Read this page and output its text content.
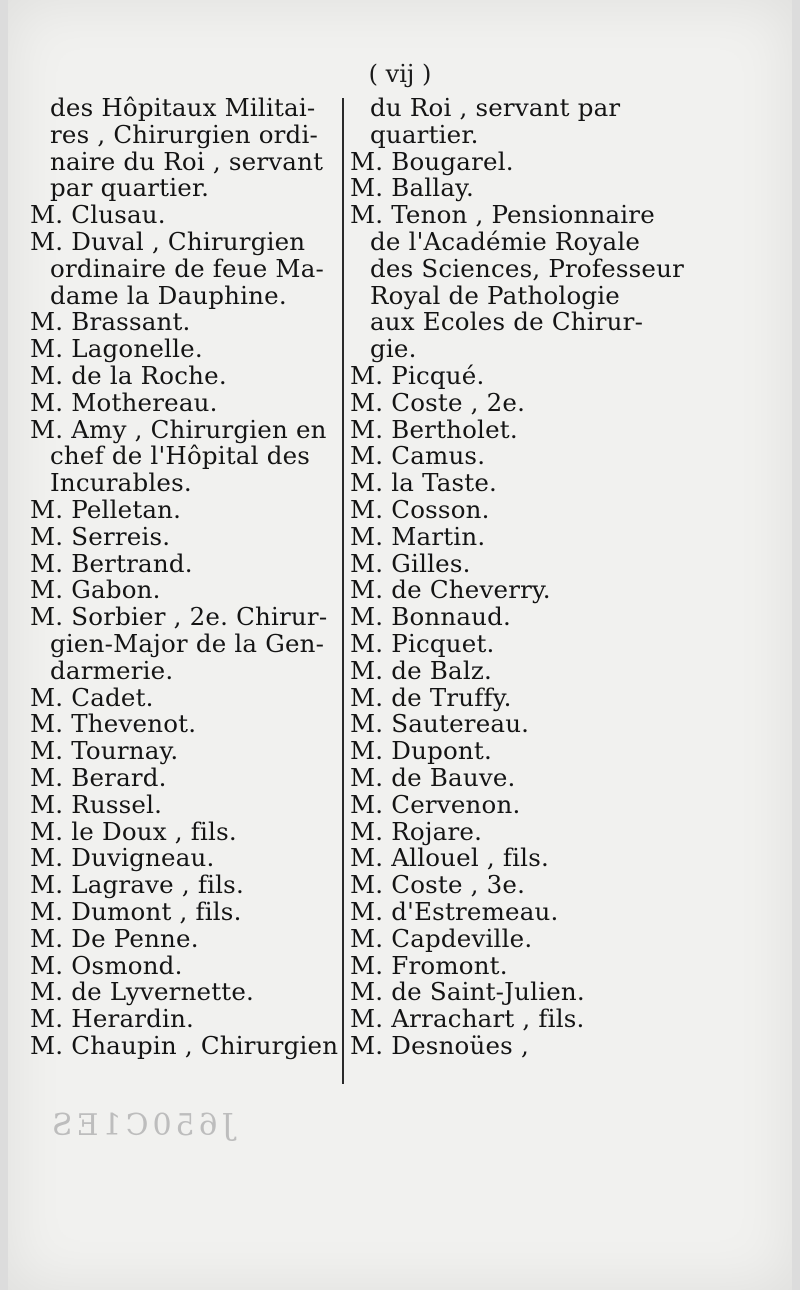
( vij )
des Hôpitaux Militai-
res , Chirurgien ordi-
naire du Roi , servant
par quartier.
M. Clusau.
M. Duval , Chirurgien
ordinaire de feue Ma-
dame la Dauphine.
M. Brassant.
M. Lagonelle.
M. de la Roche.
M. Mothereau.
M. Amy , Chirurgien en
chef de l'Hôpital des
Incurables.
M. Pelletan.
M. Serreis.
M. Bertrand.
M. Gabon.
M. Sorbier , 2e. Chirur-
gien-Major de la Gen-
darmerie.
M. Cadet.
M. Thevenot.
M. Tournay.
M. Berard.
M. Russel.
M. le Doux , fils.
M. Duvigneau.
M. Lagrave , fils.
M. Dumont , fils.
M. De Penne.
M. Osmond.
M. de Lyvernette.
M. Herardin.
M. Chaupin , Chirurgien
du Roi , servant par
quartier.
M. Bougarel.
M. Ballay.
M. Tenon , Pensionnaire
de l'Académie Royale
des Sciences, Professeur
Royal de Pathologie
aux Ecoles de Chirur-
gie.
M. Picqué.
M. Coste , 2e.
M. Bertholet.
M. Camus.
M. la Taste.
M. Cosson.
M. Martin.
M. Gilles.
M. de Cheverry.
M. Bonnaud.
M. Picquet.
M. de Balz.
M. de Truffy.
M. Sautereau.
M. Dupont.
M. de Bauve.
M. Cervenon.
M. Rojare.
M. Allouel , fils.
M. Coste , 3e.
M. d'Estremeau.
M. Capdeville.
M. Fromont.
M. de Saint-Julien.
M. Arrachart , fils.
M. Desnoües ,
J650C1ES
